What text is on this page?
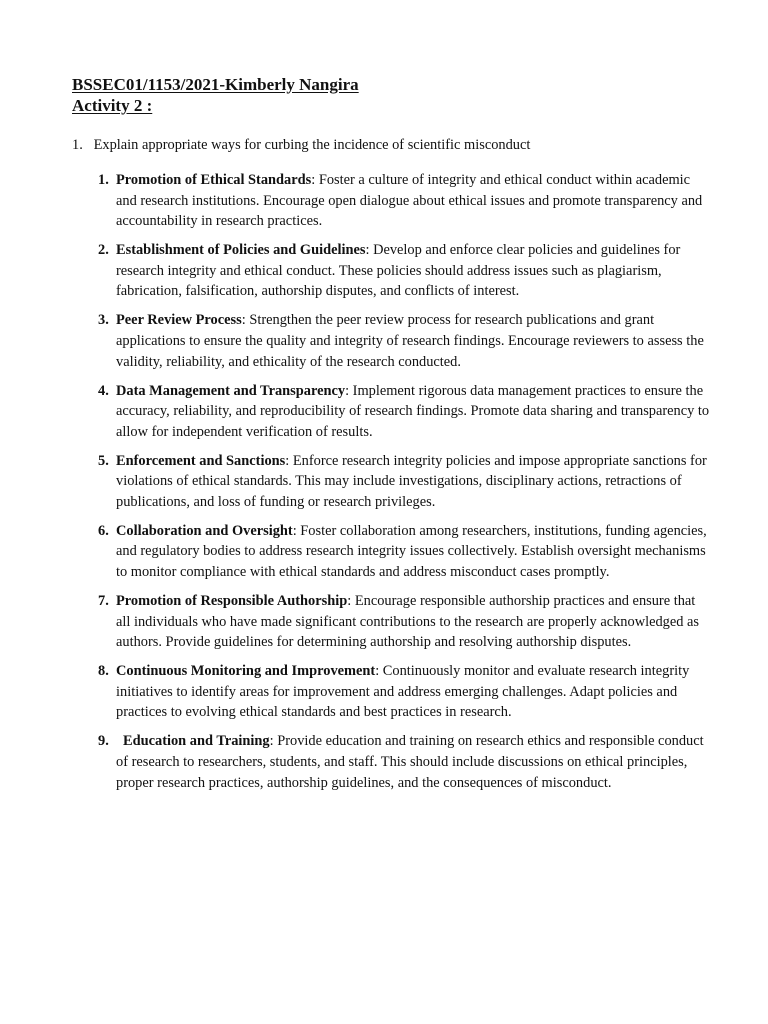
BSSEC01/1153/2021-Kimberly Nangira
Activity 2 :
1. Explain appropriate ways for curbing the incidence of scientific misconduct
1. Promotion of Ethical Standards: Foster a culture of integrity and ethical conduct within academic and research institutions. Encourage open dialogue about ethical issues and promote transparency and accountability in research practices.
2. Establishment of Policies and Guidelines: Develop and enforce clear policies and guidelines for research integrity and ethical conduct. These policies should address issues such as plagiarism, fabrication, falsification, authorship disputes, and conflicts of interest.
3. Peer Review Process: Strengthen the peer review process for research publications and grant applications to ensure the quality and integrity of research findings. Encourage reviewers to assess the validity, reliability, and ethicality of the research conducted.
4. Data Management and Transparency: Implement rigorous data management practices to ensure the accuracy, reliability, and reproducibility of research findings. Promote data sharing and transparency to allow for independent verification of results.
5. Enforcement and Sanctions: Enforce research integrity policies and impose appropriate sanctions for violations of ethical standards. This may include investigations, disciplinary actions, retractions of publications, and loss of funding or research privileges.
6. Collaboration and Oversight: Foster collaboration among researchers, institutions, funding agencies, and regulatory bodies to address research integrity issues collectively. Establish oversight mechanisms to monitor compliance with ethical standards and address misconduct cases promptly.
7. Promotion of Responsible Authorship: Encourage responsible authorship practices and ensure that all individuals who have made significant contributions to the research are properly acknowledged as authors. Provide guidelines for determining authorship and resolving authorship disputes.
8. Continuous Monitoring and Improvement: Continuously monitor and evaluate research integrity initiatives to identify areas for improvement and address emerging challenges. Adapt policies and practices to evolving ethical standards and best practices in research.
9. Education and Training: Provide education and training on research ethics and responsible conduct of research to researchers, students, and staff. This should include discussions on ethical principles, proper research practices, authorship guidelines, and the consequences of misconduct.
